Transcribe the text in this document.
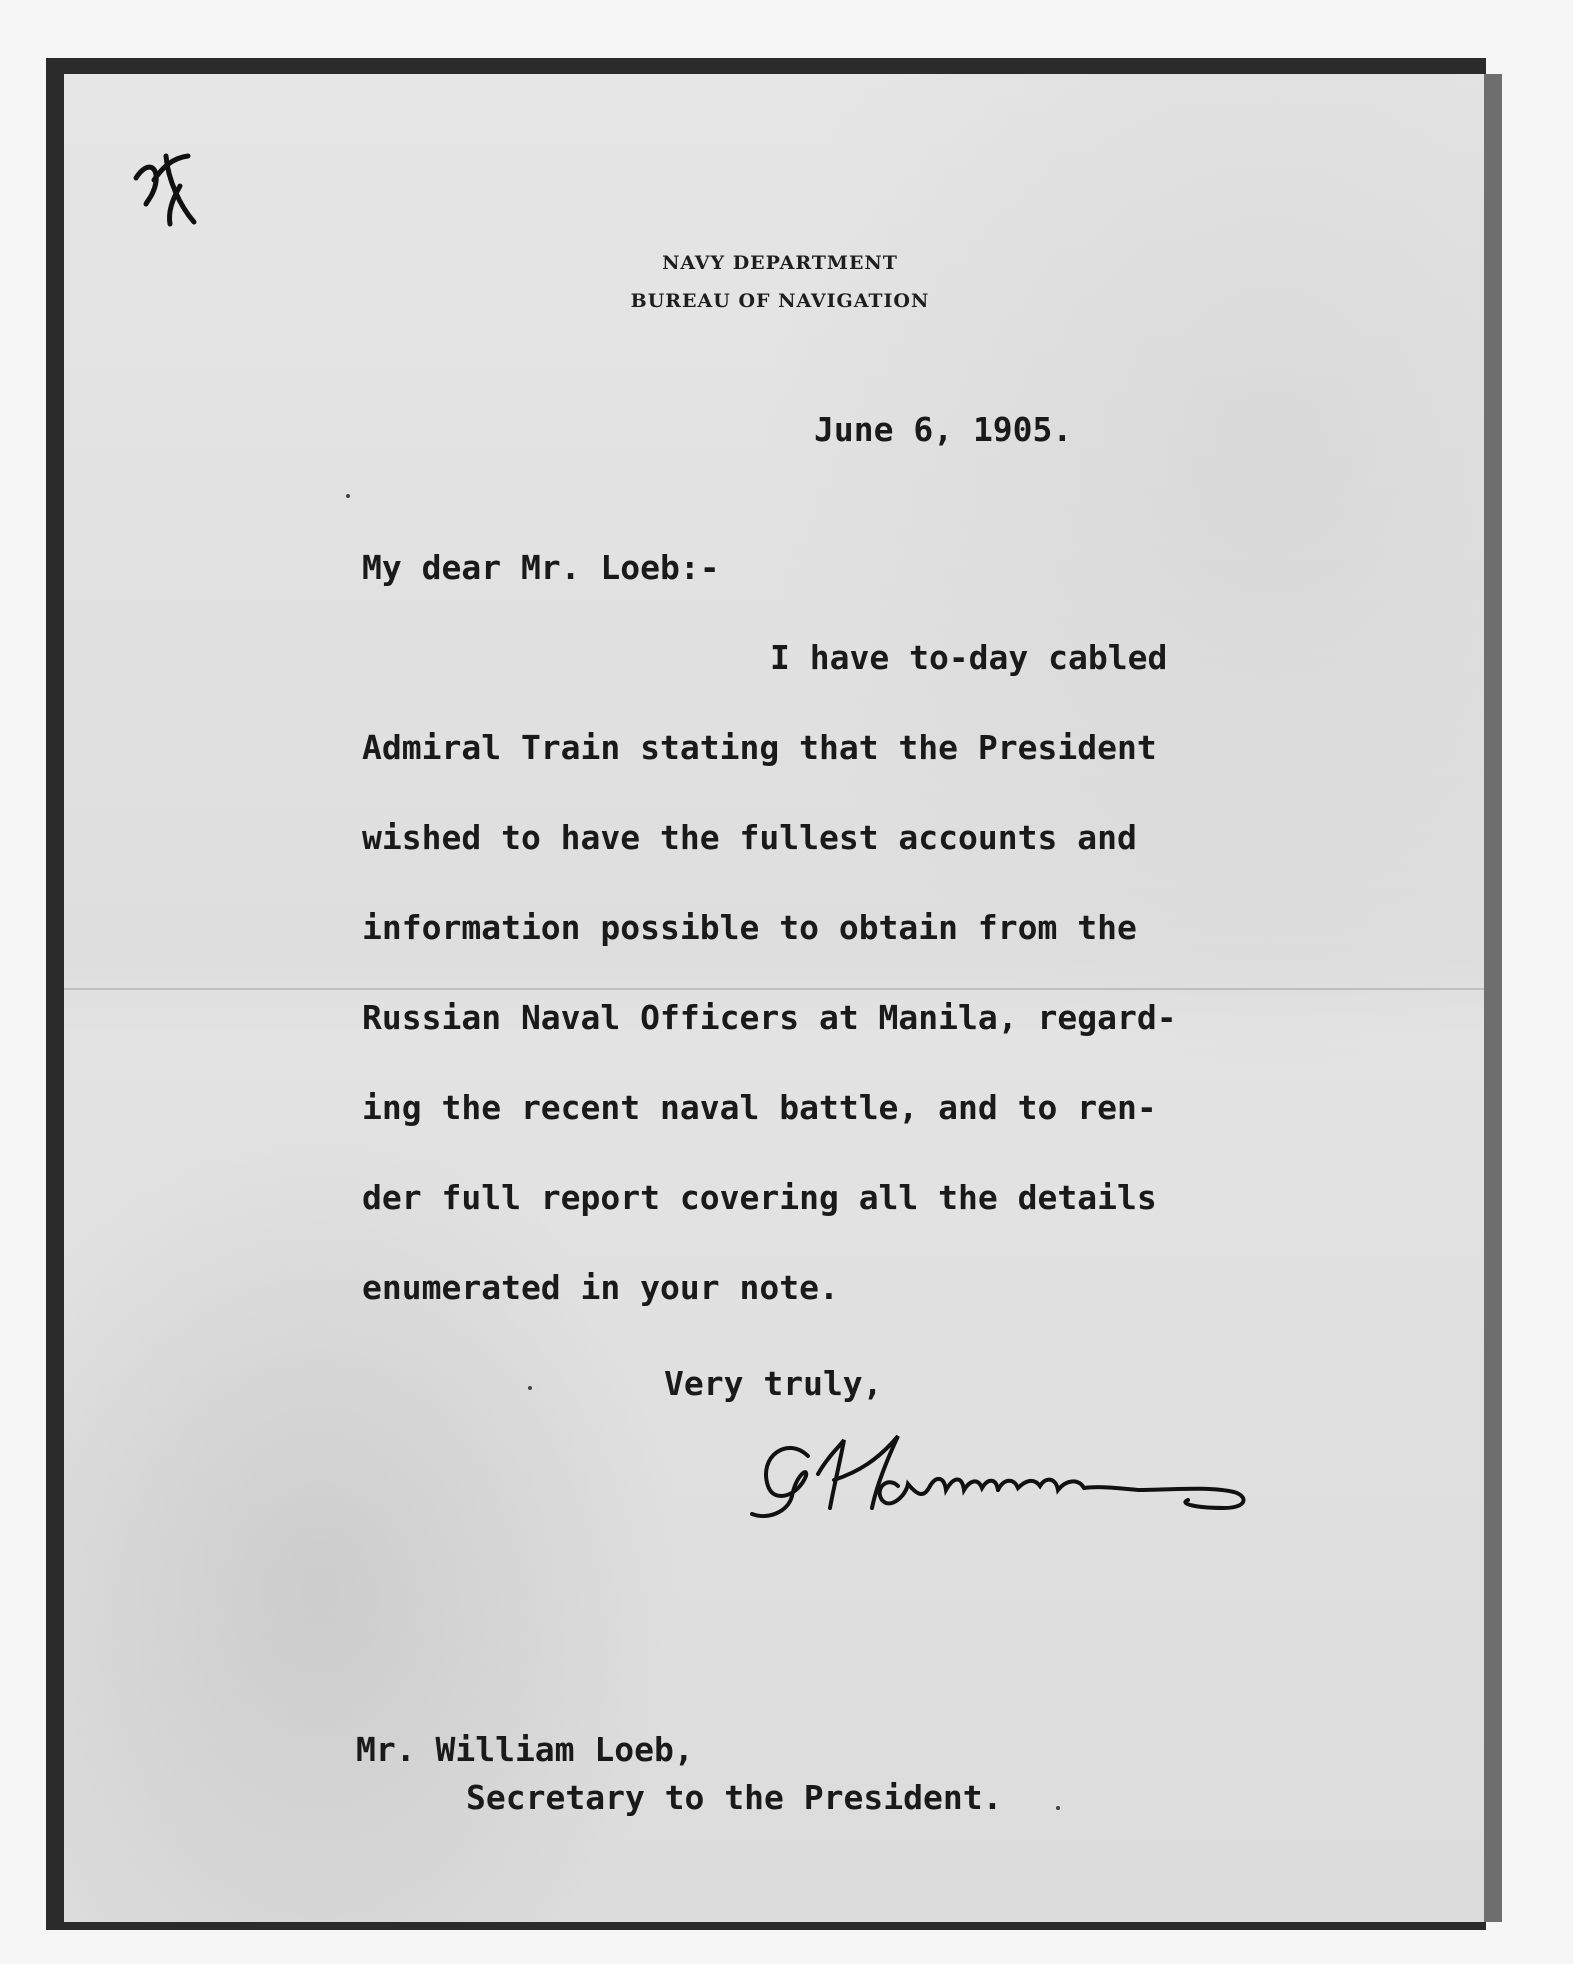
NAVY DEPARTMENT
BUREAU OF NAVIGATION
June 6, 1905.
My dear Mr. Loeb:-
I have to-day cabled
Admiral Train stating that the President
wished to have the fullest accounts and
information possible to obtain from the
Russian Naval Officers at Manila, regard-
ing the recent naval battle, and to ren-
der full report covering all the details
enumerated in your note.
Very truly,
Mr. William Loeb,
Secretary to the President.
